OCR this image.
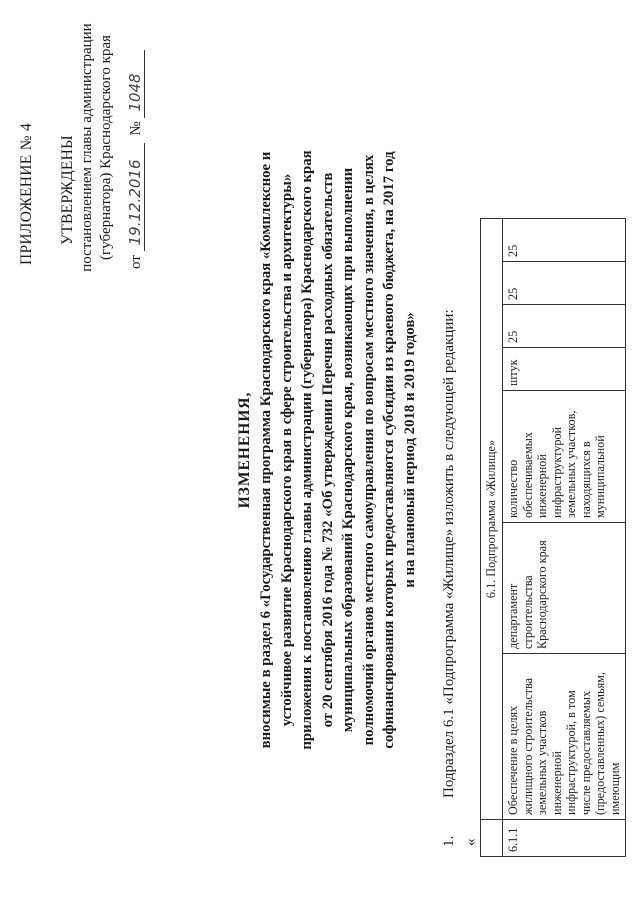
ПРИЛОЖЕНИЕ № 4 УТВЕРЖДЕНЫ постановлением главы администрации (губернатора) Краснодарского края
от
19.12.2016
№
1048
ИЗМЕНЕНИЯ, вносимые в раздел 6 «Государственная программа Краснодарского края «Комплексное и устойчивое развитие Краснодарского края в сфере строительства и архитектуры» приложения к постановлению главы администрации (губернатора) Краснодарского края от 20 сентября 2016 года № 732 «Об утверждении Перечня расходных обязательств муниципальных образований Краснодарского края, возникающих при выполнении полномочий органов местного самоуправления по вопросам местного значения, в целях софинансирования которых предоставляются субсидии из краевого бюджета, на 2017 год и на плановый период 2018 и 2019 годов»
1. Подраздел 6.1 «Подпрограмма «Жилище» изложить в следующей редакции:
«
	6.1. Подпрограмма «Жилище»						
6.1.1	Обеспечение в целях жилищного строительства земельных участков инженерной инфраструктурой, в том числе предоставляемых (предоставленных) семьям, имеющим	департамент строительства Краснодарского края	количество обеспечиваемых инженерной инфраструктурой земельных участков, находящихся в муниципальной	штук	25	25	25
